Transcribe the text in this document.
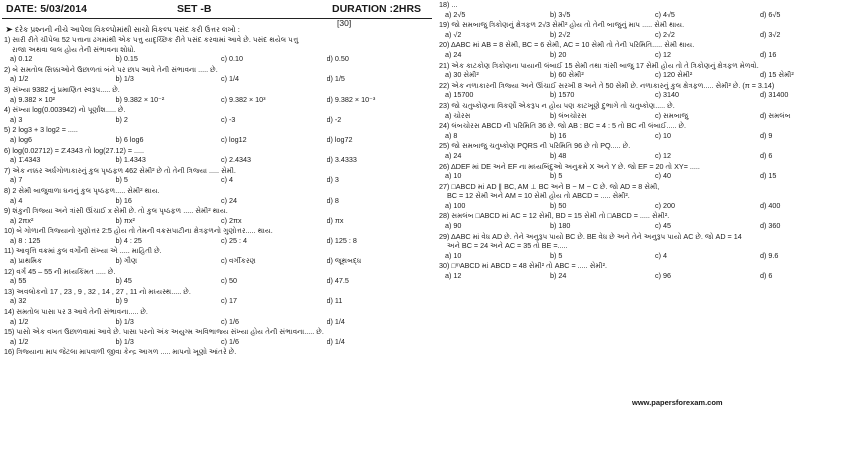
DATE: 5/03/2014	SET -B	DURATION :2HRS
[30]
➤ દરેક પ્રશ્નની નીચે આપેલા વિકલ્પોમાંથી સાચો વિકલ્પ પસંદ કરી ઉત્તર લખો :
1) સારી રીતે ચીપેલા 52 પત્તાના ઢગમાંથી એક પત્તુ યાદૃચ્છિક રીતે પસંદ કરવામાં આવે છે. પસંદ થયેલ પત્તુ
રાજા અથવા લાલ હોય તેની સંભાવના શોધો.
a) 0.12	b) 0.15	c) 0.10	d) 0.50
2) બે સમતોલ સિક્કાઓને ઉછાળતાં બંને પર છાપ આવે તેની સંભાવના ..... છે.
a) 1/2	b) 1/3	c) 1/4	d) 1/5
3) સંખ્યા 9382 નું પ્રમાણિત સ્વરૂપ..... છે.
a) 9.382 × 10²	b) 9.382 × 10⁻²	c) 9.382 × 10³	d) 9.382 × 10⁻³
4) સંખ્યા log(0.003942) નો પૂર્ણાંશ..... છે.
a) 3	b) 2	c) -3	d) -2
5) 2 log3 + 3 log2 = .....
a) log6	b) 6 log6	c) log12	d) log72
6) log(0.02712) = 2̄.4343 તો log(27.12) = .....
a) 1̄.4343	b) 1.4343	c) 2.4343	d) 3.4333
7) એક નક્કર અર્ધગોળાકારનું કુલ પૃષ્ઠફળ 462 સેમી² છે તો તેની ત્રિજ્યા ..... સેમી.
a) 7	b) 5	c) 4	d) 3
8) 2 સેમી બાજુવાળા ઘનનું કુલ પૃષ્ઠફળ..... સેમી² થાય.
a) 4	b) 16	c) 24	d) 8
9) શંકુની ત્રિજ્યા અને ત્રાંસી ઊંચાઈ x સેમી છે. તો કુલ પૃષ્ઠફળ ..... સેમી² થાય.
a) 2πx²	b) πx²	c) 2πx	d) πx
10) બે ગોળાની ત્રિજ્યાનો ગુણોત્તર 2:5 હોય તો તેમની વક્રસપાટીના ક્ષેત્રફળનો ગુણોત્તર..... થાય.
a) 8 : 125	b) 4 : 25	c) 25 : 4	d) 125 : 8
11) આવૃત્તિ વક્રમાં કુલ વર્ગોની સંખ્યા એ ..... માહિતી છે.
a) પ્રાથમિક	b) ગૌણ	c) વર્ગીકરણ	d) જૂથબદ્ધ
12) વર્ગ 45 – 55 ની મધ્યકિંમત ..... છે.
a) 55	b) 45	c) 50	d) 47.5
13) અવલોકનો 17 , 23 , 9 , 32 , 14 , 27 , 11 નો મધ્યસ્થ..... છે.
a) 32	b) 9	c) 17	d) 11
14) સમતોલ પાસા પર 3 આવે તેની સંભાવના..... છે.
a) 1/2	b) 1/3	c) 1/6	d) 1/4
15) પાસો એક વખત ઉછાળવામાં આવે છે. પાસા પરનો અંક અયુગ્મ અવિભાજ્ય સંખ્યા હોય તેની સંભાવના..... છે.
a) 1/2	b) 1/3	c) 1/6	d) 1/4
16) ત્રિજ્યાના માપ જેટલા માપવાળી જીવા કેન્દ્ર આગળ ..... માપનો ખૂણો આંતરે છે.
18) ...
a) 2√5	b) 3√5	c) 4√5	d) 6√5
19) જો સમબાજુ ત્રિકોણનું ક્ષેત્રફળ 2√3 સેમી² હોય તો તેની બાજુનું માપ ..... સેમી થાય.
a) √2	b) 2√2	c) 2√2	d) 3√2
20) ΔABC માં AB = 8 સેમી, BC = 6 સેમી, AC = 10 સેમી તો તેની પરિમિતિ..... સેમી થાય.
a) 24	b) 20	c) 12	d) 16
21) એક કાટકોણ ત્રિકોણના પાયાની લંબાઈ 15 સેમી તથા ત્રાંસી બાજુ 17 સેમી હોય તો તે ત્રિકોણનું ક્ષેત્રફળ મેળવો.
a) 30 સેમી²	b) 60 સેમી²	c) 120 સેમી²	d) 15 સેમી²
22) એક નળાકારની ત્રિજ્યા અને ઊંચાઈ સરખી 8 અને તે 50 સેમી છે. નળાકારનું કુલ ક્ષેત્રફળ..... સેમી² છે. (π = 3.14)
a) 15700	b) 1570	c) 3140	d) 31400
23) જો ચતુષ્કોણના વિકર્ણો એકરૂપ ન હોય પણ કાટખૂણે દુભાગે તો ચતુષ્કોણ..... છે.
a) ચોરસ	b) લંબચોરસ	c) સમબાજુ	d) સમલંબ
24) લંબચોરસ ABCD ની પરિમિતિ 36 છે. જો AB : BC = 4 : 5 તો BC ની લંબાઈ..... છે.
a) 8	b) 16	c) 10	d) 9
25) જો સમબાજુ ચતુષ્કોણ PQRS ની પરિમિતિ 96 છે તો PQ..... છે.
a) 24	b) 48	c) 12	d) 6
26) ΔDEF માં DE અને EF ના મધ્યબિંદુઓ અનુક્રમે X અને Y છે. જો EF = 20 તો XY= .....
a) 10	b) 5	c) 40	d) 15
27) □ABCD માં AD ∥ BC, AM ⊥ BC અને B − M − C છે. જો AD = 8 સેમી,
BC = 12 સેમી અને AM = 10 સેમી હોય તો ABCD = ..... સેમી².
a) 100	b) 50	c) 200	d) 400
28) સમલંબ □ABCD માં AC = 12 સેમી, BD = 15 સેમી તો □ABCD = ..... સેમી².
a) 90	b) 180	c) 45	d) 360
29) ΔABC માં વેધ AD છે. તેને અનુરૂપ પાયો BC છે. BE વેધ છે અને તેને અનુરૂપ પાયો AC છે. જો AD = 14
અને BC = 24 અને AC = 35 તો BE =.....
a) 10	b) 5	c) 4	d) 9.6
30) □ᵐABCD માં ABCD = 48 સેમી² તો ABC = ..... સેમી².
a) 12	b) 24	c) 96	d) 6
www.papersforexam.com
